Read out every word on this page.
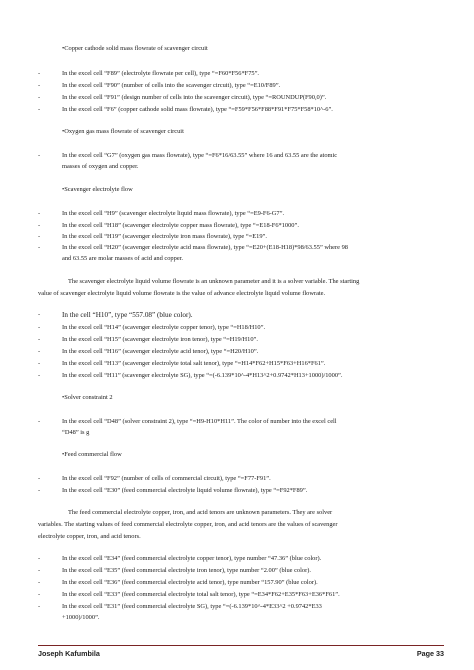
•Copper cathode solid mass flowrate of scavenger circuit
-	In the excel cell “F89” (electrolyte flowrate per cell), type “=F60*F56*F75”.
-	In the excel cell “F90” (number of cells into the scavenger circuit), type “=E10/F89”.
-	In the excel cell “F91” (design number of cells into the scavenger circuit), type “=ROUNDUP(F90,0)”.
-	In the excel cell “F6” (copper cathode solid mass flowrate), type “=F59*F56*F88*F91*F75*F58*10^-6”.
•Oxygen gas mass flowrate of scavenger circuit
-	In the excel cell “G7” (oxygen gas mass flowrate), type “=F6*16/63.55” where 16 and 63.55 are the atomic
masses of oxygen and copper.
•Scavenger electrolyte flow
-	In the excel cell “H9” (scavenger electrolyte liquid mass flowrate), type “=E9-F6-G7”.
-	In the excel cell “H18” (scavenger electrolyte copper mass flowrate), type “=E18-F6*1000”.
-	In the excel cell “H19” (scavenger electrolyte iron mass flowrate), type “=E19”.
-	In the excel cell “H20” (scavenger electrolyte acid mass flowrate), type “=E20+(E18-H18)*98/63.55” where 98
and 63.55 are molar masses of acid and copper.
The scavenger electrolyte liquid volume flowrate is an unknown parameter and it is a solver variable. The starting
value of scavenger electrolyte liquid volume flowrate is the value of advance electrolyte liquid volume flowrate.
-	In the cell “H10”, type “557.08” (blue color).
-	In the excel cell “H14” (scavenger electrolyte copper tenor), type “=H18/H10”.
-	In the excel cell “H15” (scavenger electrolyte iron tenor), type “=H19/H10”.
-	In the excel cell “H16” (scavenger electrolyte acid tenor), type “=H20/H10”.
-	In the excel cell “H13” (scavenger electrolyte total salt tenor), type “=H14*F62+H15*F63+H16*F61”.
-	In the excel cell “H11” (scavenger electrolyte SG), type “=(-6.139*10^-4*H13^2+0.9742*H13+1000)/1000”.
•Solver constraint 2
-	In the excel cell “D48” (solver constraint 2), type “=H9-H10*H11”. The color of number into the excel cell
“D48” is g
•Feed commercial flow
-	In the excel cell “F92” (number of cells of commercial circuit), type “=F77-F91”.
-	In the excel cell “E30” (feed commercial electrolyte liquid volume flowrate), type “=F92*F89”.
The feed commercial electrolyte copper, iron, and acid tenors are unknown parameters. They are solver
variables. The starting values of feed commercial electrolyte copper, iron, and acid tenors are the values of scavenger
electrolyte copper, iron, and acid tenors.
-	In the excel cell “E34” (feed commercial electrolyte copper tenor), type number “47.36” (blue color).
-	In the excel cell “E35” (feed commercial electrolyte iron tenor), type number “2.00” (blue color).
-	In the excel cell “E36” (feed commercial electrolyte acid tenor), type number “157.90” (blue color).
-	In the excel cell “E33” (feed commercial electrolyte total salt tenor), type “=E34*F62+E35*F63+E36*F61”.
-	In the excel cell “E31” (feed commercial electrolyte SG), type “=(-6.139*10^-4*E33^2 +0.9742*E33
+1000)/1000”.
Joseph Kafumbila	Page 33
